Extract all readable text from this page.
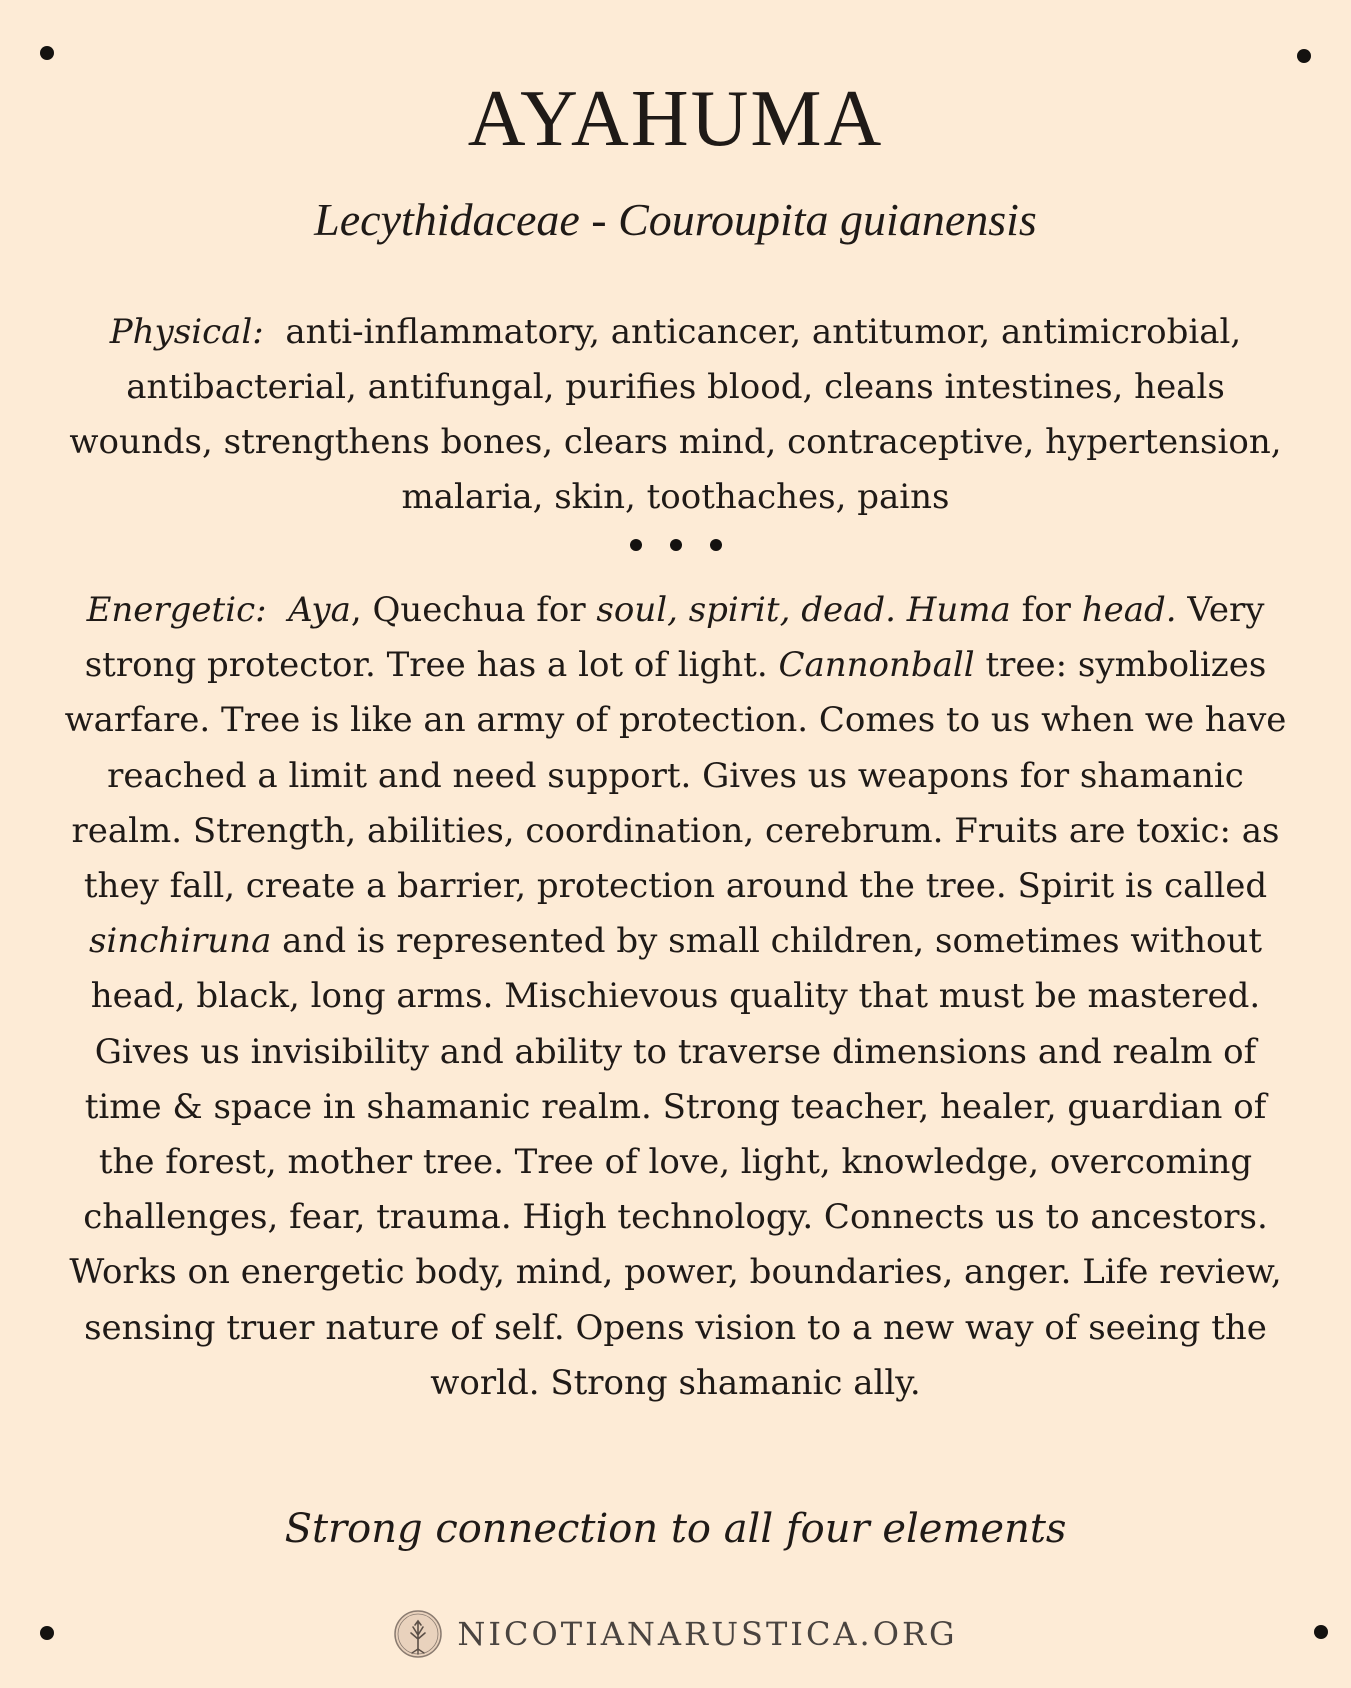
AYAHUMA

Lecythidaceae - Couroupita guianensis

Physical: anti-inflammatory, anticancer, antitumor, antimicrobial, antibacterial, antifungal, purifies blood, cleans intestines, heals wounds, strengthens bones, clears mind, contraceptive, hypertension, malaria, skin, toothaches, pains

Energetic: Aya, Quechua for soul, spirit, dead. Huma for head. Very strong protector. Tree has a lot of light. Cannonball tree: symbolizes warfare. Tree is like an army of protection. Comes to us when we have reached a limit and need support. Gives us weapons for shamanic realm. Strength, abilities, coordination, cerebrum. Fruits are toxic: as they fall, create a barrier, protection around the tree. Spirit is called sinchiruna and is represented by small children, sometimes without head, black, long arms. Mischievous quality that must be mastered. Gives us invisibility and ability to traverse dimensions and realm of time & space in shamanic realm. Strong teacher, healer, guardian of the forest, mother tree. Tree of love, light, knowledge, overcoming challenges, fear, trauma. High technology. Connects us to ancestors. Works on energetic body, mind, power, boundaries, anger. Life review, sensing truer nature of self. Opens vision to a new way of seeing the world. Strong shamanic ally.

Strong connection to all four elements

NICOTIANARUSTICA.ORG
